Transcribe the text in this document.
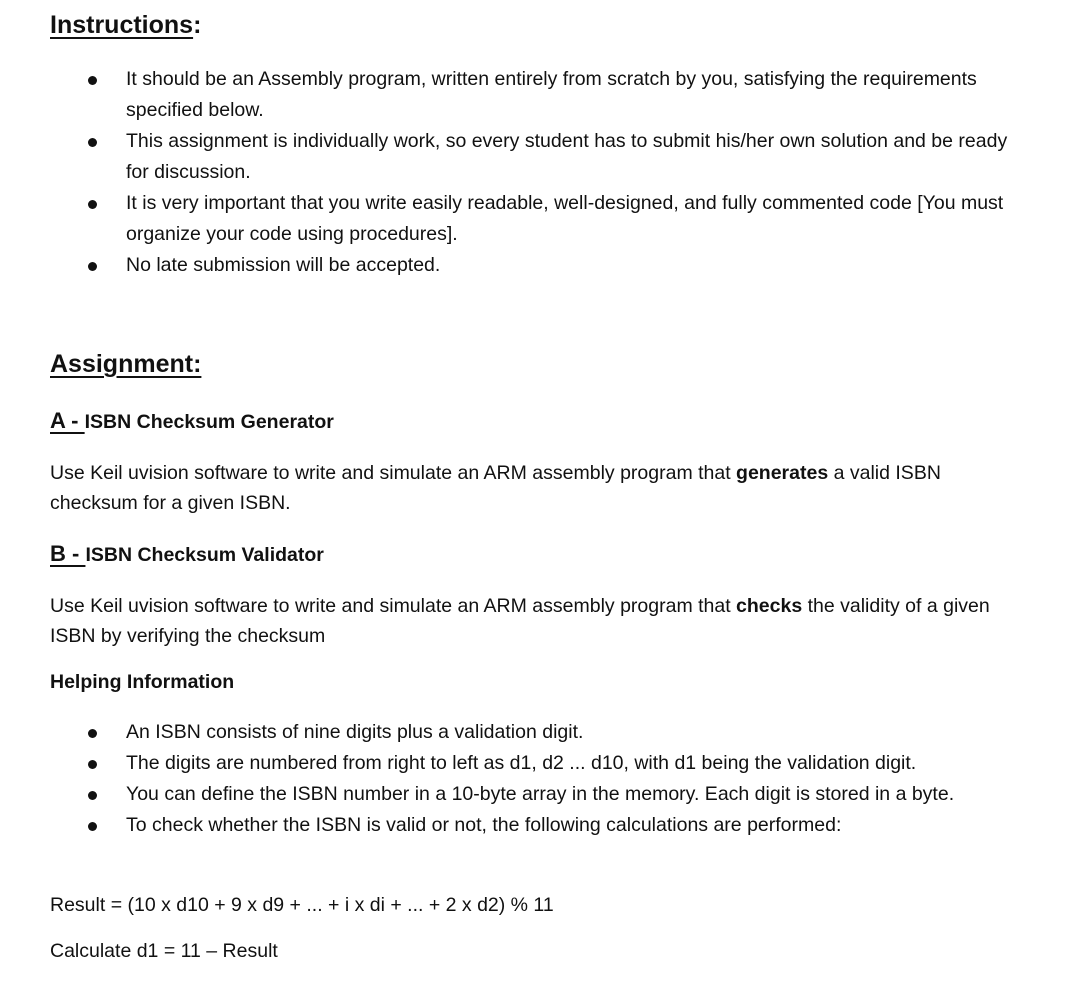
Instructions:
It should be an Assembly program, written entirely from scratch by you, satisfying the requirements specified below.
This assignment is individually work, so every student has to submit his/her own solution and be ready for discussion.
It is very important that you write easily readable, well-designed, and fully commented code [You must organize your code using procedures].
No late submission will be accepted.
Assignment:
A - ISBN Checksum Generator

Use Keil uvision software to write and simulate an ARM assembly program that generates a valid ISBN checksum for a given ISBN.

B - ISBN Checksum Validator

Use Keil uvision software to write and simulate an ARM assembly program that checks the validity of a given ISBN by verifying the checksum

Helping Information

An ISBN consists of nine digits plus a validation digit.
The digits are numbered from right to left as d1, d2 ... d10, with d1 being the validation digit.
You can define the ISBN number in a 10-byte array in the memory. Each digit is stored in a byte.
To check whether the ISBN is valid or not, the following calculations are performed:

Result = (10 x d10 + 9 x d9 + ... + i x di + ... + 2 x d2) % 11

Calculate d1 = 11 – Result
